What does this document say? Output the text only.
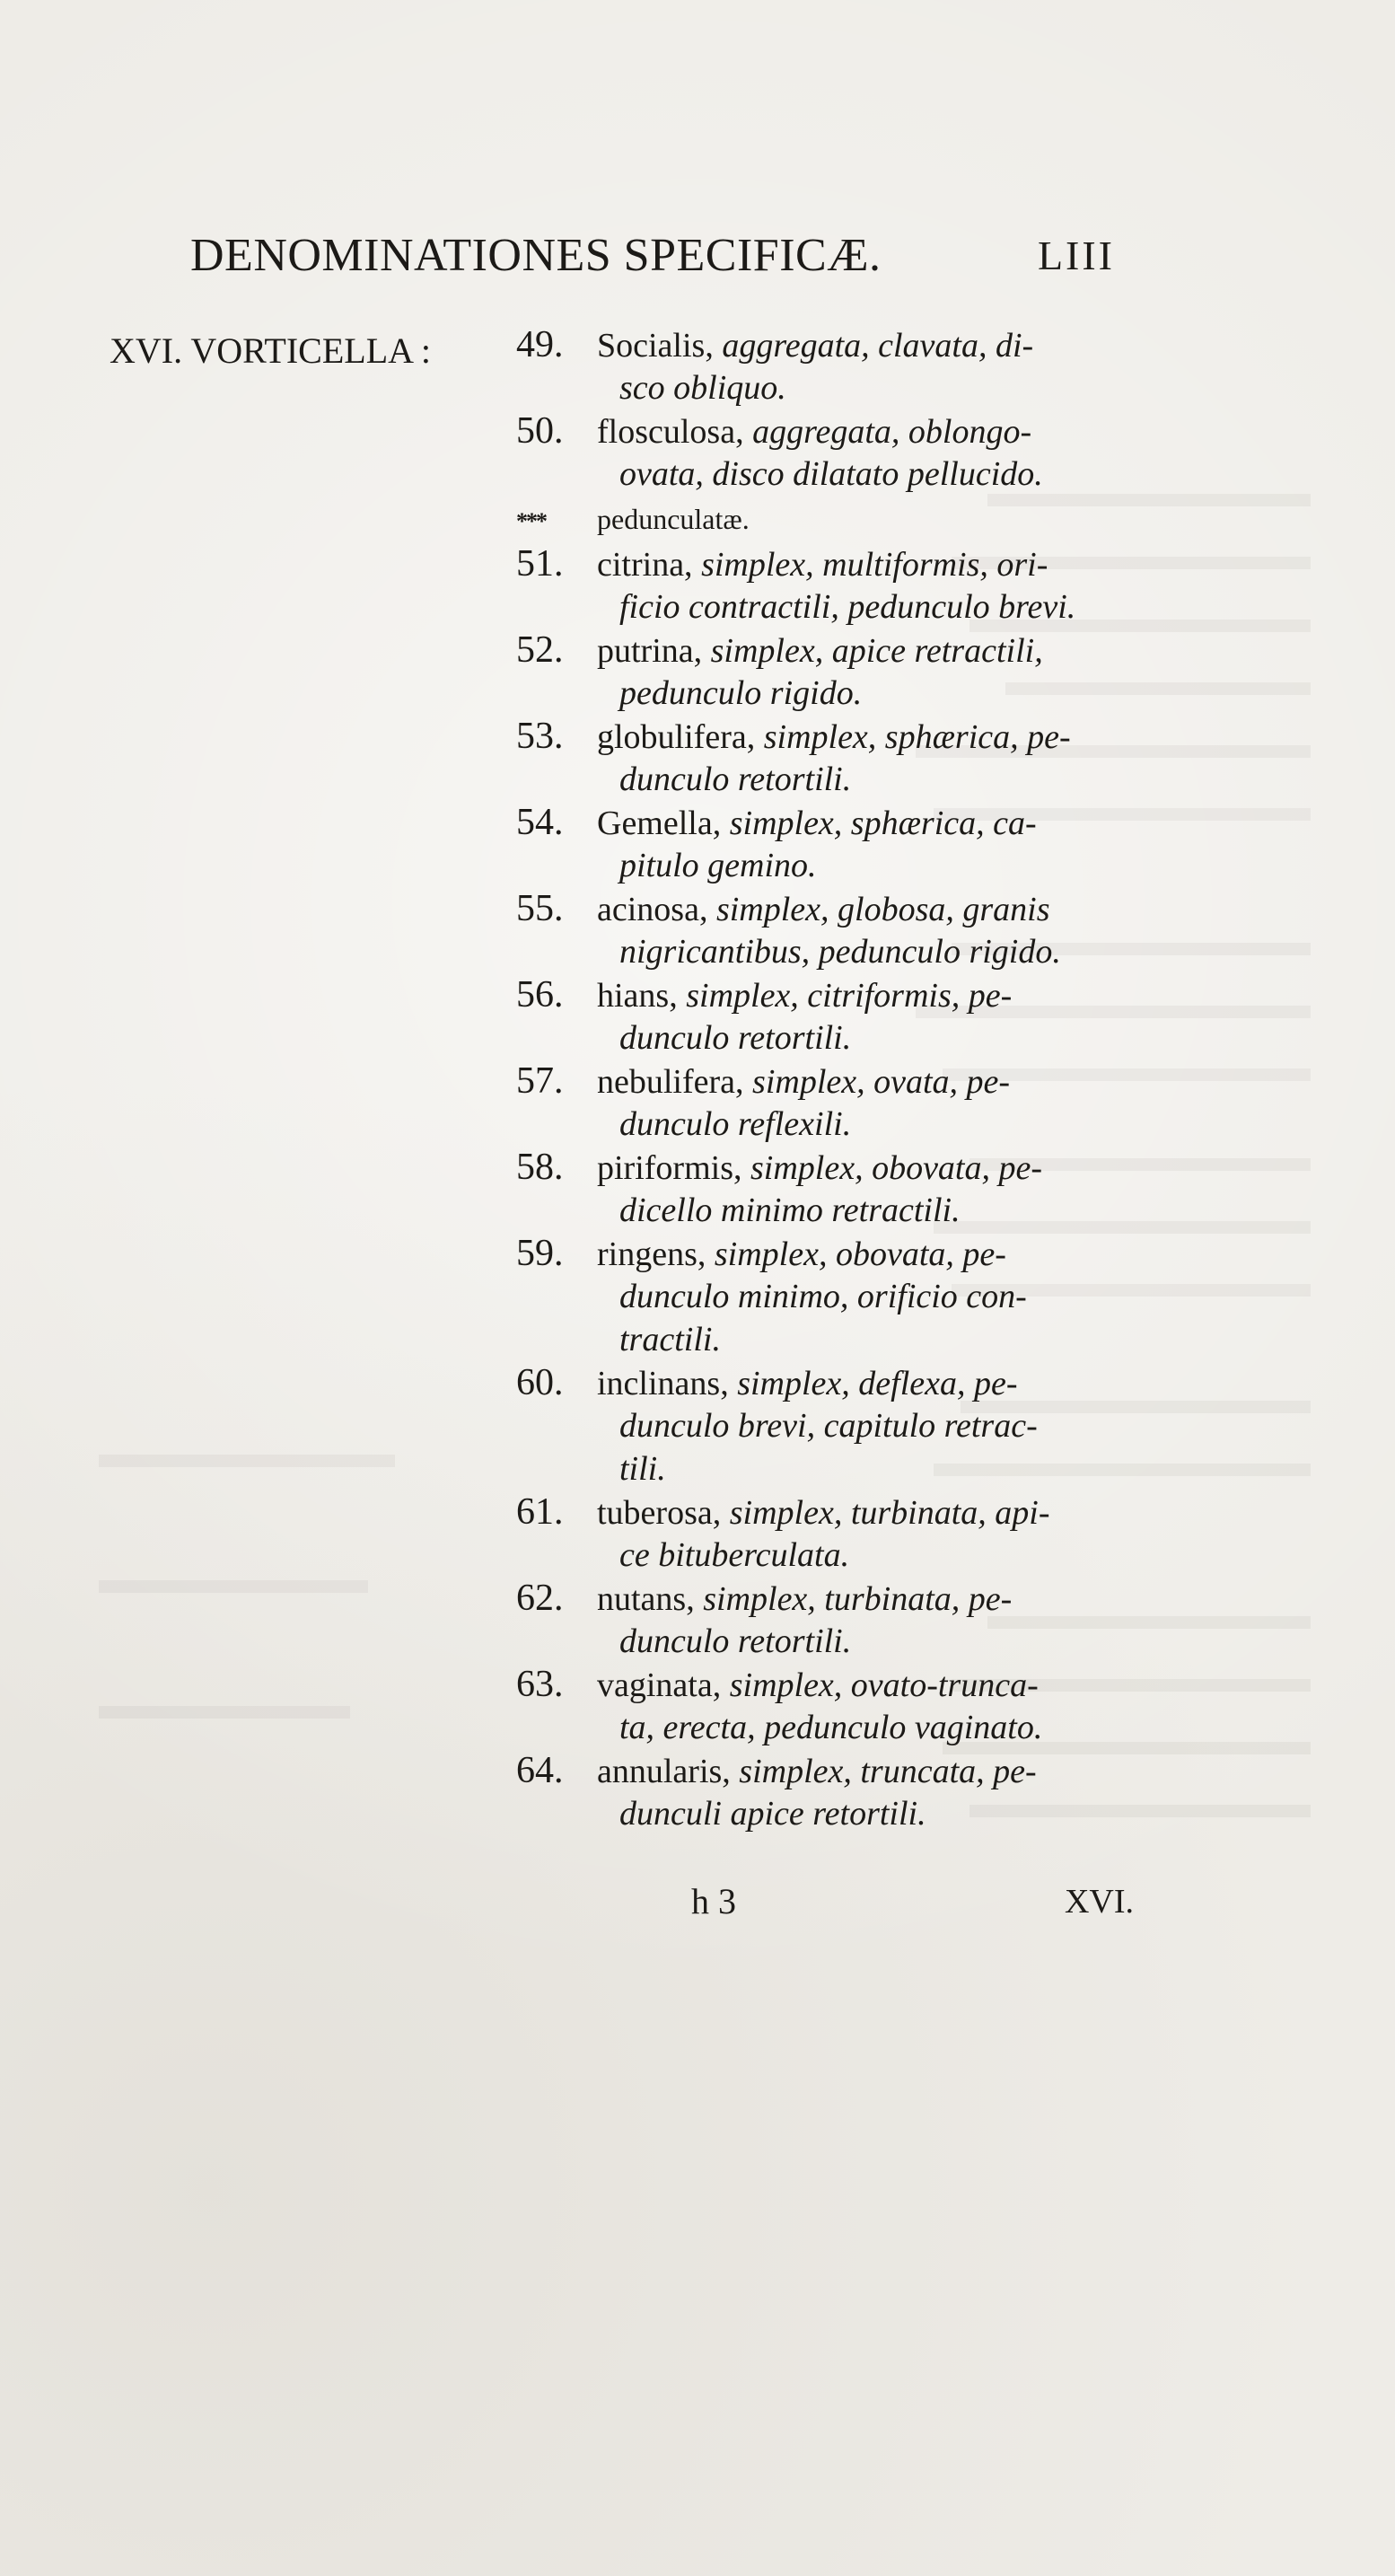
DENOMINATIONES SPECIFICÆ.	LIII
XVI. VORTICELLA : 49. Socialis, aggregata, clavata, di-
sco obliquo.
50. flosculosa, aggregata, oblongo-
ovata, disco dilatato pellucido.
*** pedunculatæ.
51. citrina, simplex, multiformis, ori-
ficio contractili, pedunculo brevi.
52. putrina, simplex, apice retractili,
pedunculo rigido.
53. globulifera, simplex, sphærica, pe-
dunculo retortili.
54. Gemella, simplex, sphærica, ca-
pitulo gemino.
55. acinosa, simplex, globosa, granis
nigricantibus, pedunculo rigido.
56. hians, simplex, citriformis, pe-
dunculo retortili.
57. nebulifera, simplex, ovata, pe-
dunculo reflexili.
58. piriformis, simplex, obovata, pe-
dicello minimo retractili.
59. ringens, simplex, obovata, pe-
dunculo minimo, orificio con-
tractili.
60. inclinans, simplex, deflexa, pe-
dunculo brevi, capitulo retrac-
tili.
61. tuberosa, simplex, turbinata, api-
ce bituberculata.
62. nutans, simplex, turbinata, pe-
dunculo retortili.
63. vaginata, simplex, ovato-trunca-
ta, erecta, pedunculo vaginato.
64. annularis, simplex, truncata, pe-
dunculi apice retortili.
h 3	XVI.
